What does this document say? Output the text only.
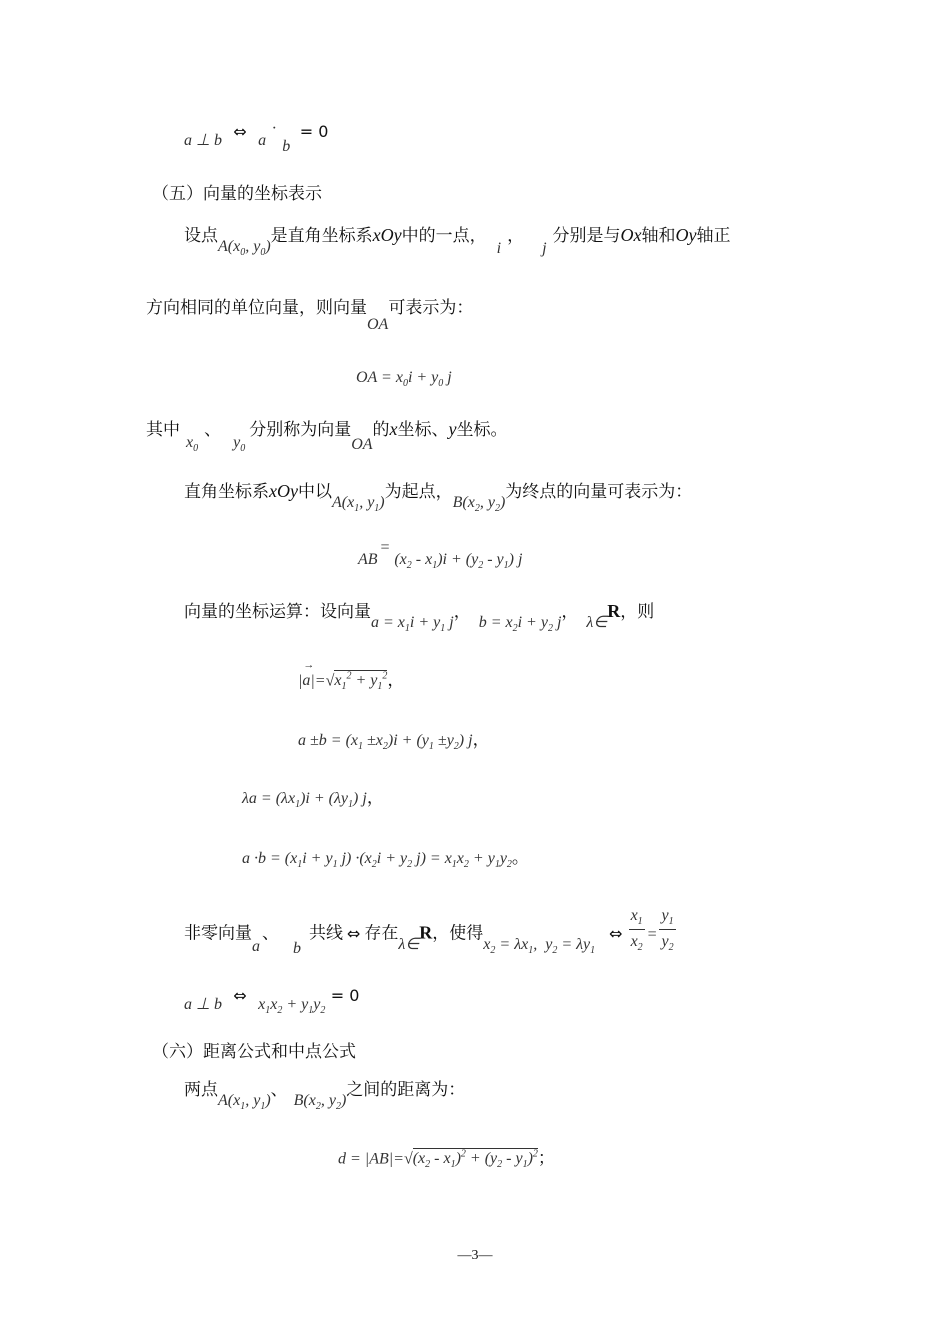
a ⊥ b ⇔ a · b = 0
（五）向量的坐标表示
设点$A(x_0$, $y_0$)是直角坐标系xOy中的一点，i，j分别是与Ox轴和Oy轴正
方向相同的单位向量，则向量OA可表示为：
OA = $x_0i + y_0$ j
其中$x_0$、$y_0$分别称为向量OA的x坐标、y坐标。
直角坐标系xOy中以$A(x_1$, $y_1$)为起点，$B(x_2$, $y_2$)为终点的向量可表示为：
$AB=(x_2 - x_1)i + (y_2 - y_1)$ j
向量的坐标运算：设向量$a = x_1i + y_1$ j，$b = x_2i + y_2$ j，λ∈R，则
|a
→
$|=√x_1^2 + y_1^2$，
$a \pm b = (x_1 \pm x_2)i + (y_1 \pm y_2)$ j，
$\lambda a = (\lambda x_1)i + (\lambda y_1)$ j，
$a \cdot b = (x_1i + y_1$ $j) \cdot(x_2i + y_2$ $j) = x_1x_2 + y_1y_2$。
非零向量a、b共线 ⇔ 存在λ∈R，使得$x_2 = \lambda x_1$,  $y_2$ = $\lambda y_1\Leftrightarrow \frac{x_1}{x_2} = \frac{y_1}{y_2}$
a ⊥ b ⇔ $x_1x_2 + y_1y_2 = 0$
（六）距离公式和中点公式
两点$A(x_1$, $y_1$)、$B(x_2$, $y_2$)之间的距离为：
$d = |AB|=√(x_2 - x_1)^2 + (y_2 - y_1)^2$；
—3—
